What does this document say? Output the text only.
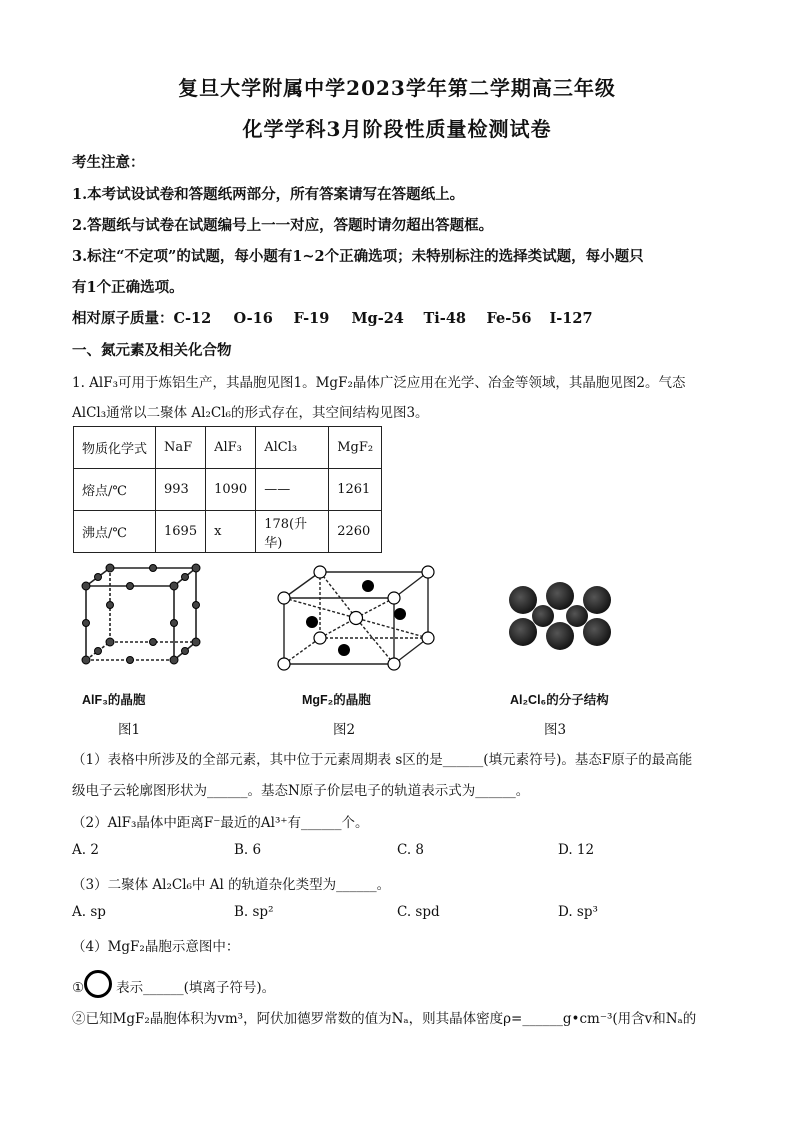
复旦大学附属中学2023学年第二学期高三年级
化学学科3月阶段性质量检测试卷
考生注意：
1.本考试设试卷和答题纸两部分，所有答案请写在答题纸上。
2.答题纸与试卷在试题编号上一一对应，答题时请勿超出答题框。
3.标注“不定项”的试题，每小题有1~2个正确选项；未特别标注的选择类试题，每小题只
有1个正确选项。
相对原子质量：C-12 O-16 F-19 Mg-24 Ti-48 Fe-56 I-127
一、氮元素及相关化合物
1. AlF₃可用于炼铝生产，其晶胞见图1。MgF₂晶体广泛应用在光学、冶金等领域，其晶胞见图2。气态
AlCl₃通常以二聚体 Al₂Cl₆的形式存在，其空间结构见图3。
物质化学式	NaF	AlF₃	AlCl₃	MgF₂
熔点/℃	993	1090	——	1261
沸点/℃	1695	x	178(升华)	2260
AlF₃的晶胞
图1
MgF₂的晶胞
图2
Al₂Cl₆的分子结构
图3
（1）表格中所涉及的全部元素，其中位于元素周期表 s区的是______(填元素符号)。基态F原子的最高能
级电子云轮廓图形状为______。基态N原子价层电子的轨道表示式为______。
（2）AlF₃晶体中距离F⁻最近的Al³⁺有______个。
A. 2	B. 6	C. 8	D. 12
（3）二聚体 Al₂Cl₆中 Al 的轨道杂化类型为______。
A. sp	B. sp²	C. spd	D. sp³
（4）MgF₂晶胞示意图中：
① 表示______(填离子符号)。
②已知MgF₂晶胞体积为vm³，阿伏加德罗常数的值为Nₐ，则其晶体密度ρ=______g•cm⁻³(用含v和Nₐ的
